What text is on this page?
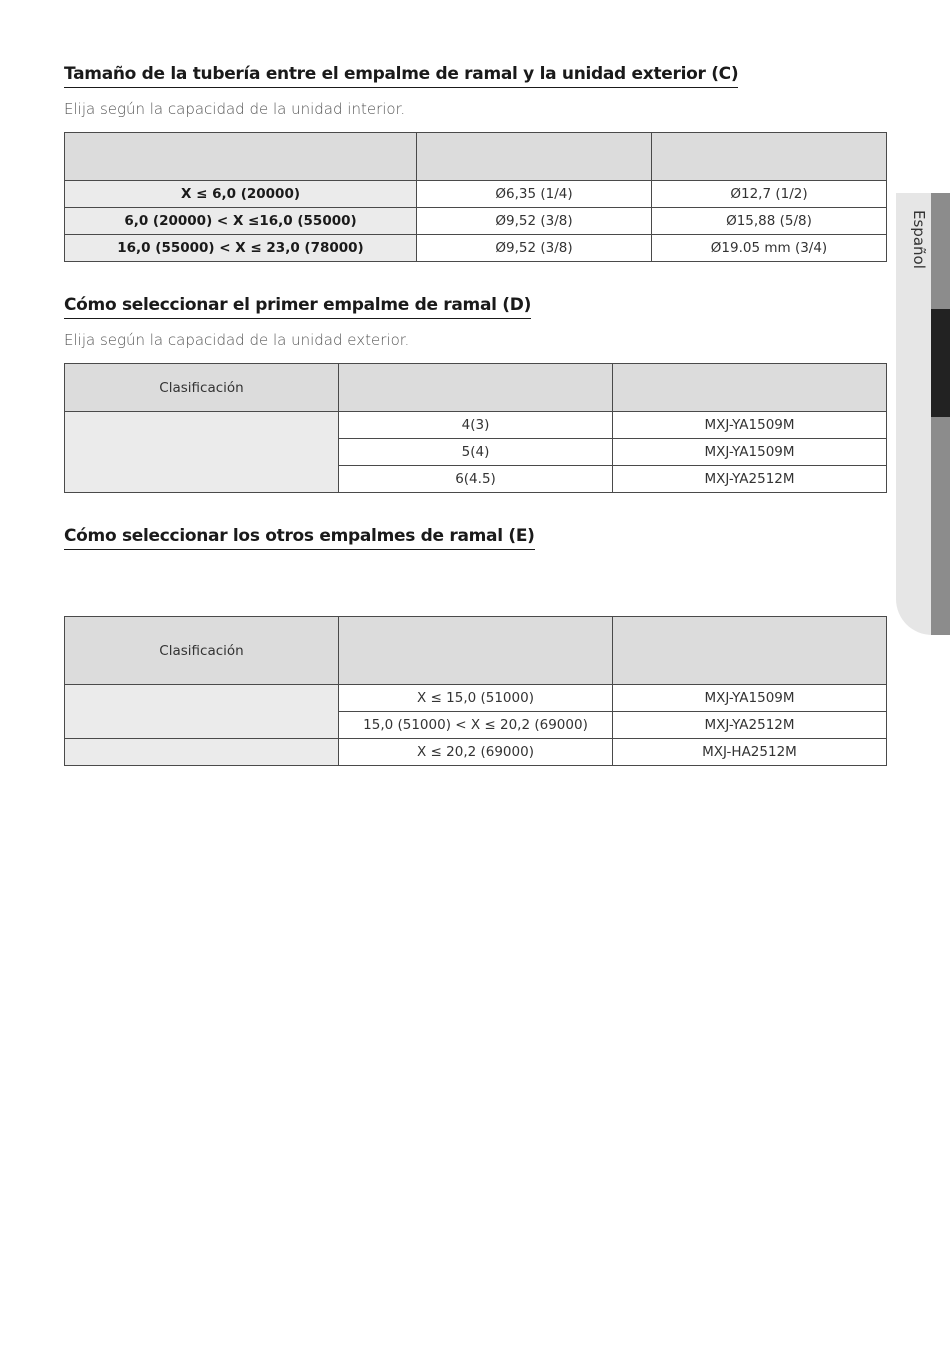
Español
Tamaño de la tubería entre el empalme de ramal y la unidad exterior (C)

Elija según la capacidad de la unidad interior.

X ≤ 6,0 (20000)	Ø6,35 (1/4)	Ø12,7 (1/2)
6,0 (20000) < X ≤16,0 (55000)	Ø9,52 (3/8)	Ø15,88 (5/8)
16,0 (55000) < X ≤ 23,0 (78000)	Ø9,52 (3/8)	Ø19.05 mm (3/4)
Cómo seleccionar el primer empalme de ramal (D)

Elija según la capacidad de la unidad exterior.

Clasificación		
	4(3)	MXJ-YA1509M
	5(4)	MXJ-YA1509M
	6(4.5)	MXJ-YA2512M
Cómo seleccionar los otros empalmes de ramal (E)
Clasificación		
	X ≤ 15,0 (51000)	MXJ-YA1509M
	15,0 (51000) < X ≤ 20,2 (69000)	MXJ-YA2512M
	X ≤ 20,2 (69000)	MXJ-HA2512M
